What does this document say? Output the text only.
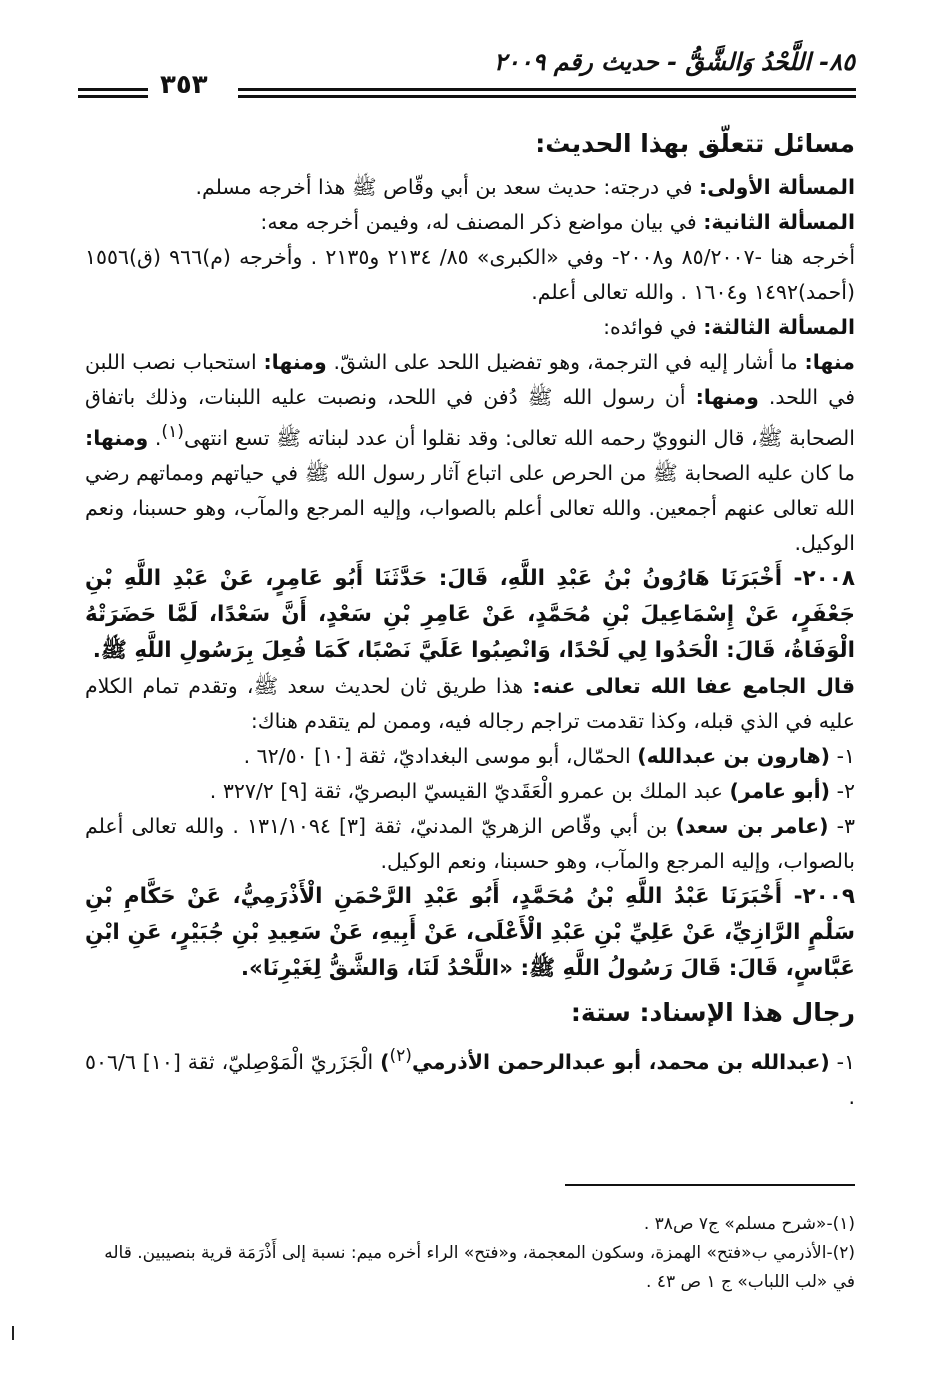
٨٥- اللَّحْدُ وَالشَّقُّ - حديث رقم ٢٠٠٩
٣٥٣
مسائل تتعلّق بهذا الحديث:

المسألة الأولى: في درجته: حديث سعد بن أبي وقّاص ﷺ هذا أخرجه مسلم.

المسألة الثانية: في بيان مواضع ذكر المصنف له، وفيمن أخرجه معه:

أخرجه هنا -٨٥/٢٠٠٧ و٢٠٠٨- وفي «الكبرى» ٨٥/ ٢١٣٤ و٢١٣٥ . وأخرجه (م)٩٦٦ (ق)١٥٥٦ (أحمد)١٤٩٢ و١٦٠٤ . والله تعالى أعلم.

المسألة الثالثة: في فوائده:

منها: ما أشار إليه في الترجمة، وهو تفضيل اللحد على الشقّ. ومنها: استحباب نصب اللبن في اللحد. ومنها: أن رسول الله ﷺ دُفن في اللحد، ونصبت عليه اللبنات، وذلك باتفاق الصحابة ﷺ، قال النوويّ رحمه الله تعالى: وقد نقلوا أن عدد لبناته ﷺ تسع انتهى$^{(١)}$. ومنها: ما كان عليه الصحابة ﷺ من الحرص على اتباع آثار رسول الله ﷺ في حياتهم ومماتهم رضي الله تعالى عنهم أجمعين. والله تعالى أعلم بالصواب، وإليه المرجع والمآب، وهو حسبنا، ونعم الوكيل.

٢٠٠٨- أَخْبَرَنَا هَارُونُ بْنُ عَبْدِ اللَّهِ، قَالَ: حَدَّثَنَا أَبُو عَامِرٍ، عَنْ عَبْدِ اللَّهِ بْنِ جَعْفَرٍ، عَنْ إِسْمَاعِيلَ بْنِ مُحَمَّدٍ، عَنْ عَامِرِ بْنِ سَعْدٍ، أَنَّ سَعْدًا، لَمَّا حَضَرَتْهُ الْوَفَاةُ، قَالَ: الْحَدُوا لِي لَحْدًا، وَانْصِبُوا عَلَيَّ نَصْبًا، كَمَا فُعِلَ بِرَسُولِ اللَّهِ ﷺ.

قال الجامع عفا الله تعالى عنه: هذا طريق ثان لحديث سعد ﷺ، وتقدم تمام الكلام عليه في الذي قبله، وكذا تقدمت تراجم رجاله فيه، وممن لم يتقدم هناك:

١- (هارون بن عبدالله) الحمّال، أبو موسى البغداديّ، ثقة [١٠] ٦٢/٥٠ .

٢- (أبو عامر) عبد الملك بن عمرو الْعَقَديّ القيسيّ البصريّ، ثقة [٩] ٣٢٧/٢ .

٣- (عامر بن سعد) بن أبي وقّاص الزهريّ المدنيّ، ثقة [٣] ١٣١/١٠٩٤ . والله تعالى أعلم بالصواب، وإليه المرجع والمآب، وهو حسبنا، ونعم الوكيل.

٢٠٠٩- أَخْبَرَنَا عَبْدُ اللَّهِ بْنُ مُحَمَّدٍ، أَبُو عَبْدِ الرَّحْمَنِ الْأَذْرَمِيُّ، عَنْ حَكَّامِ بْنِ سَلْمٍ الرَّازِيِّ، عَنْ عَلِيِّ بْنِ عَبْدِ الْأَعْلَى، عَنْ أَبِيهِ، عَنْ سَعِيدِ بْنِ جُبَيْرٍ، عَنِ ابْنِ عَبَّاسٍ، قَالَ: قَالَ رَسُولُ اللَّهِ ﷺ: «اللَّحْدُ لَنَا، وَالشَّقُّ لِغَيْرِنَا».

رجال هذا الإسناد: ستة:

١- (عبدالله بن محمد، أبو عبدالرحمن الأذرمي$^{(٢)}$) الْجَزَريّ الْمَوْصِليّ، ثقة [١٠] ٥٠٦/٦ .

(١)-«شرح مسلم» ج٧ ص٣٨ .

(٢)-الأذرمي ب«فتح» الهمزة، وسكون المعجمة، و«فتح» الراء أخره ميم: نسبة إلى أَذْرَمَة قرية بنصيبين. قاله في «لب اللباب» ج ١ ص ٤٣ .
